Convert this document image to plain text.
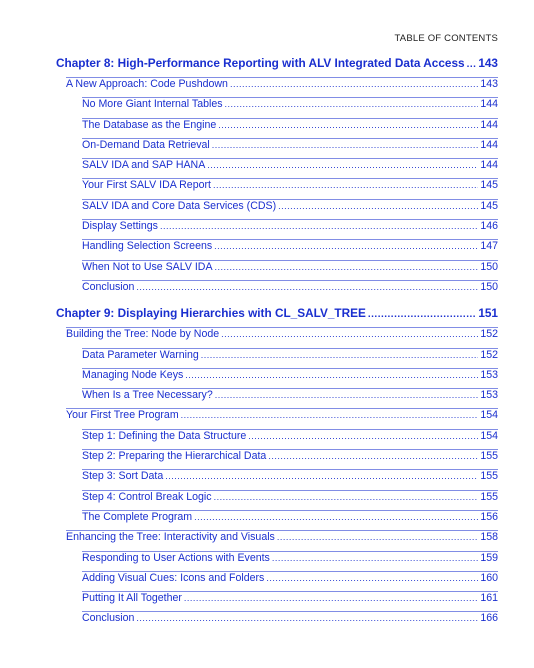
TABLE OF CONTENTS
Chapter 8: High-Performance Reporting with ALV Integrated Data Access ..... 143
A New Approach: Code Pushdown .....	143
No More Giant Internal Tables .....	144
The Database as the Engine .....	144
On-Demand Data Retrieval .....	144
SALV IDA and SAP HANA .....	144
Your First SALV IDA Report .....	145
SALV IDA and Core Data Services (CDS) .....	145
Display Settings .....	146
Handling Selection Screens .....	147
When Not to Use SALV IDA .....	150
Conclusion .....	150
Chapter 9: Displaying Hierarchies with CL_SALV_TREE .....	151
Building the Tree: Node by Node .....	152
Data Parameter Warning .....	152
Managing Node Keys .....	153
When Is a Tree Necessary? .....	153
Your First Tree Program .....	154
Step 1: Defining the Data Structure .....	154
Step 2: Preparing the Hierarchical Data .....	155
Step 3: Sort Data .....	155
Step 4: Control Break Logic .....	155
The Complete Program .....	156
Enhancing the Tree: Interactivity and Visuals .....	158
Responding to User Actions with Events .....	159
Adding Visual Cues: Icons and Folders .....	160
Putting It All Together .....	161
Conclusion .....	166
